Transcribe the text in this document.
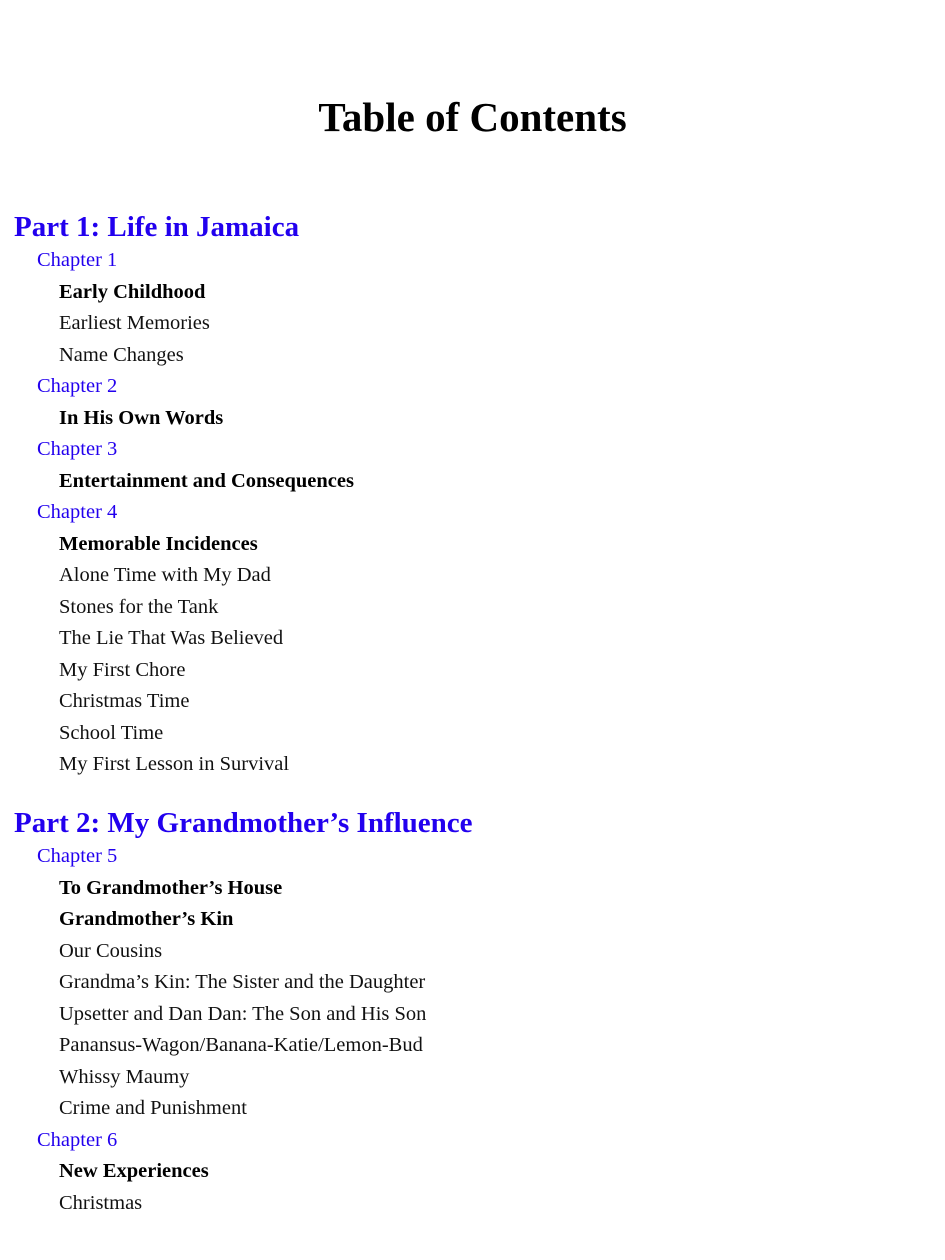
Table of Contents
Part 1: Life in Jamaica
Chapter 1
Early Childhood
Earliest Memories
Name Changes
Chapter 2
In His Own Words
Chapter 3
Entertainment and Consequences
Chapter 4
Memorable Incidences
Alone Time with My Dad
Stones for the Tank
The Lie That Was Believed
My First Chore
Christmas Time
School Time
My First Lesson in Survival
Part 2: My Grandmother’s Influence
Chapter 5
To Grandmother’s House
Grandmother’s Kin
Our Cousins
Grandma’s Kin: The Sister and the Daughter
Upsetter and Dan Dan: The Son and His Son
Panansus-Wagon/Banana-Katie/Lemon-Bud
Whissy Maumy
Crime and Punishment
Chapter 6
New Experiences
Christmas
